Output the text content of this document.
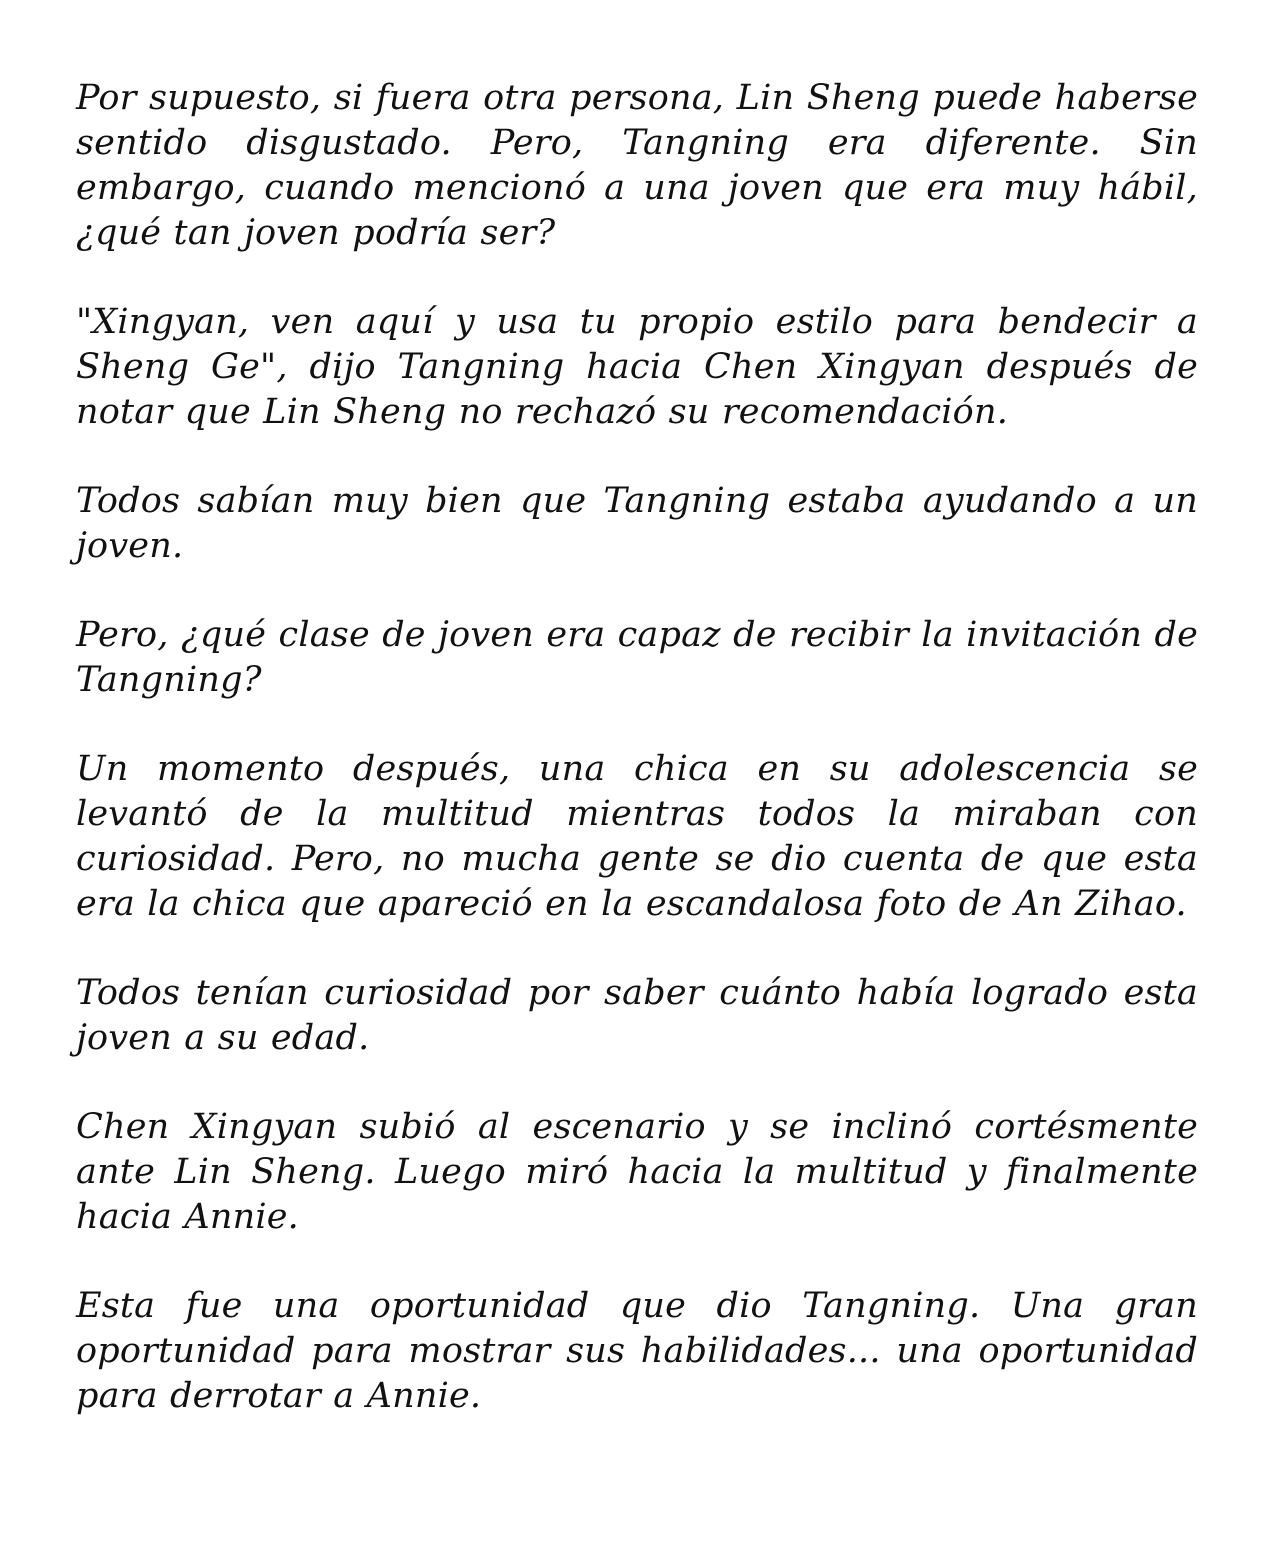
Por supuesto, si fuera otra persona, Lin Sheng puede haberse sentido disgustado. Pero, Tangning era diferente. Sin embargo, cuando mencionó a una joven que era muy hábil, ¿qué tan joven podría ser?

"Xingyan, ven aquí y usa tu propio estilo para bendecir a Sheng Ge", dijo Tangning hacia Chen Xingyan después de notar que Lin Sheng no rechazó su recomendación.

Todos sabían muy bien que Tangning estaba ayudando a un joven.

Pero, ¿qué clase de joven era capaz de recibir la invitación de Tangning?

Un momento después, una chica en su adolescencia se levantó de la multitud mientras todos la miraban con curiosidad. Pero, no mucha gente se dio cuenta de que esta era la chica que apareció en la escandalosa foto de An Zihao.

Todos tenían curiosidad por saber cuánto había logrado esta joven a su edad.

Chen Xingyan subió al escenario y se inclinó cortésmente ante Lin Sheng. Luego miró hacia la multitud y finalmente hacia Annie.

Esta fue una oportunidad que dio Tangning. Una gran oportunidad para mostrar sus habilidades... una oportunidad para derrotar a Annie.
